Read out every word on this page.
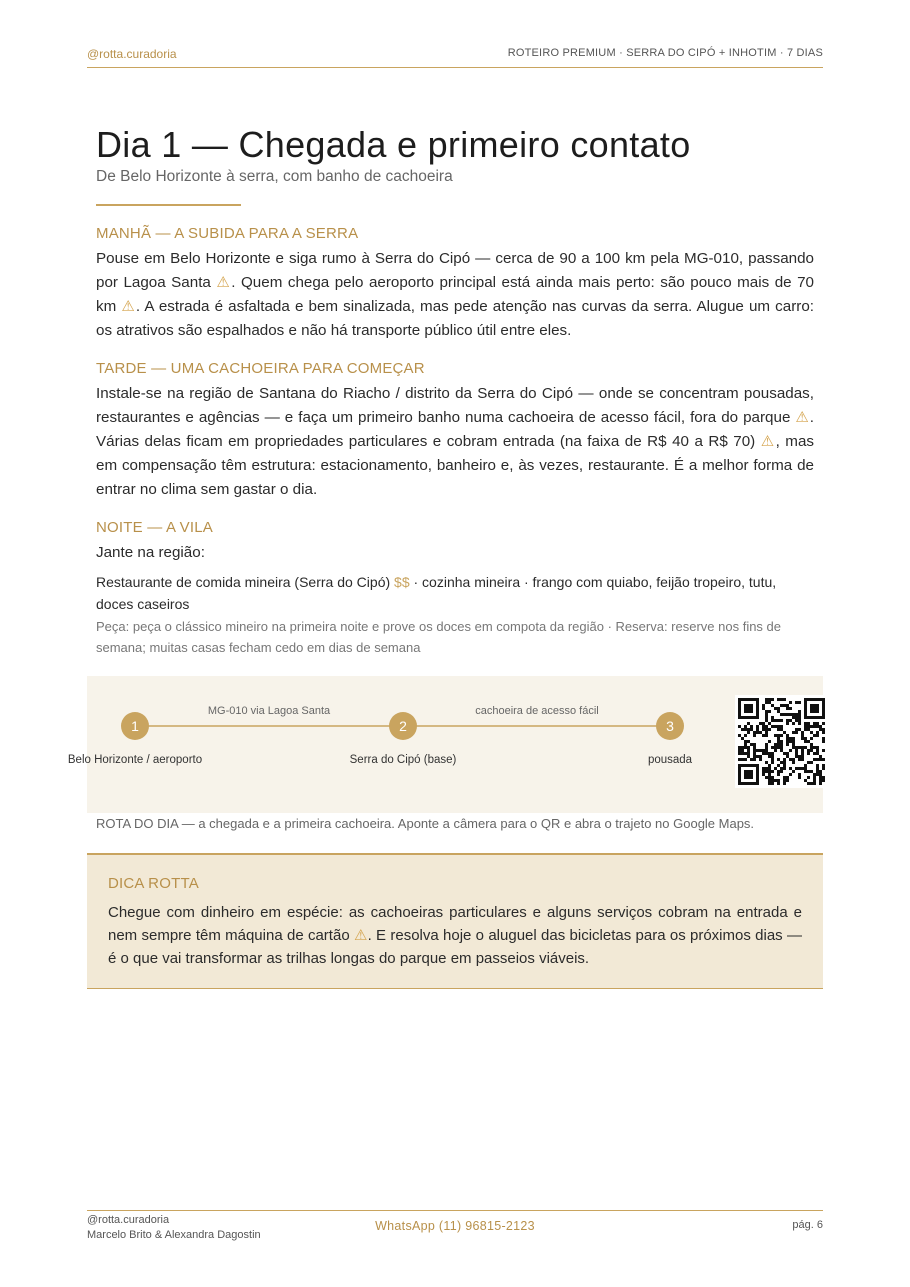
@rotta.curadoria	ROTEIRO PREMIUM · SERRA DO CIPÓ + INHOTIM · 7 DIAS
Dia 1 — Chegada e primeiro contato
De Belo Horizonte à serra, com banho de cachoeira
MANHÃ — A SUBIDA PARA A SERRA
Pouse em Belo Horizonte e siga rumo à Serra do Cipó — cerca de 90 a 100 km pela MG-010, passando por Lagoa Santa ⚠. Quem chega pelo aeroporto principal está ainda mais perto: são pouco mais de 70 km ⚠. A estrada é asfaltada e bem sinalizada, mas pede atenção nas curvas da serra. Alugue um carro: os atrativos são espalhados e não há transporte público útil entre eles.
TARDE — UMA CACHOEIRA PARA COMEÇAR
Instale-se na região de Santana do Riacho / distrito da Serra do Cipó — onde se concentram pousadas, restaurantes e agências — e faça um primeiro banho numa cachoeira de acesso fácil, fora do parque ⚠. Várias delas ficam em propriedades particulares e cobram entrada (na faixa de R$ 40 a R$ 70) ⚠, mas em compensação têm estrutura: estacionamento, banheiro e, às vezes, restaurante. É a melhor forma de entrar no clima sem gastar o dia.
NOITE — A VILA
Jante na região:
Restaurante de comida mineira (Serra do Cipó) $$ · cozinha mineira · frango com quiabo, feijão tropeiro, tutu, doces caseiros
Peça: peça o clássico mineiro na primeira noite e prove os doces em compota da região · Reserva: reserve nos fins de semana; muitas casas fecham cedo em dias de semana
MG-010 via Lagoa Santa	cachoeira de acesso fácil
1	2	3
Belo Horizonte / aeroporto	Serra do Cipó (base)	pousada
ROTA DO DIA — a chegada e a primeira cachoeira. Aponte a câmera para o QR e abra o trajeto no Google Maps.
DICA ROTTA
Chegue com dinheiro em espécie: as cachoeiras particulares e alguns serviços cobram na entrada e nem sempre têm máquina de cartão ⚠. E resolva hoje o aluguel das bicicletas para os próximos dias — é o que vai transformar as trilhas longas do parque em passeios viáveis.
@rotta.curadoria
Marcelo Brito & Alexandra Dagostin
WhatsApp (11) 96815-2123	pág. 6
